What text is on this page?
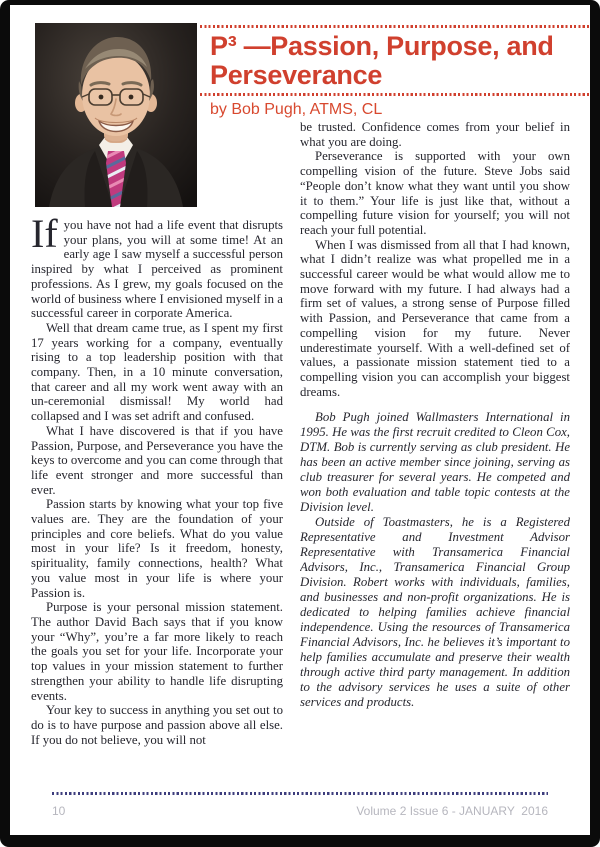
P³ —Passion, Purpose, and
Perseverance
by Bob Pugh, ATMS, CL

If you have not had a life event that disrupts your plans, you will at some time! At an early age I saw myself a successful person inspired by what I perceived as prominent professions. As I grew, my goals focused on the world of business where I envisioned myself in a successful career in corporate America.

Well that dream came true, as I spent my first 17 years working for a company, eventually rising to a top leadership position with that company. Then, in a 10 minute conversation, that career and all my work went away with an un-ceremonial dismissal! My world had collapsed and I was set adrift and confused.

What I have discovered is that if you have Passion, Purpose, and Perseverance you have the keys to overcome and you can come through that life event stronger and more successful than ever.

Passion starts by knowing what your top five values are. They are the foundation of your principles and core beliefs. What do you value most in your life? Is it freedom, honesty, spirituality, family connections, health? What you value most in your life is where your Passion is.

Purpose is your personal mission statement. The author David Bach says that if you know your “Why”, you’re a far more likely to reach the goals you set for your life. Incorporate your top values in your mission statement to further strengthen your ability to handle life disrupting events.

Your key to success in anything you set out to do is to have purpose and passion above all else. If you do not believe, you will not

be trusted. Confidence comes from your belief in what you are doing.

Perseverance is supported with your own compelling vision of the future. Steve Jobs said “People don’t know what they want until you show it to them.” Your life is just like that, without a compelling future vision for yourself; you will not reach your full potential.

When I was dismissed from all that I had known, what I didn’t realize was what propelled me in a successful career would be what would allow me to move forward with my future. I had always had a firm set of values, a strong sense of Purpose filled with Passion, and Perseverance that came from a compelling vision for my future. Never underestimate yourself. With a well-defined set of values, a passionate mission statement tied to a compelling vision you can accomplish your biggest dreams.

Bob Pugh joined Wallmasters International in 1995. He was the first recruit credited to Cleon Cox, DTM. Bob is currently serving as club president. He has been an active member since joining, serving as club treasurer for several years. He competed and won both evaluation and table topic contests at the Division level.

Outside of Toastmasters, he is a Registered Representative and Investment Advisor Representative with Transamerica Financial Advisors, Inc., Transamerica Financial Group Division. Robert works with individuals, families, and businesses and non-profit organizations. He is dedicated to helping families achieve financial independence. Using the resources of Transamerica Financial Advisors, Inc. he believes it’s important to help families accumulate and preserve their wealth through active third party management. In addition to the advisory services he uses a suite of other services and products.

10	Volume 2 Issue 6 - JANUARY  2016
